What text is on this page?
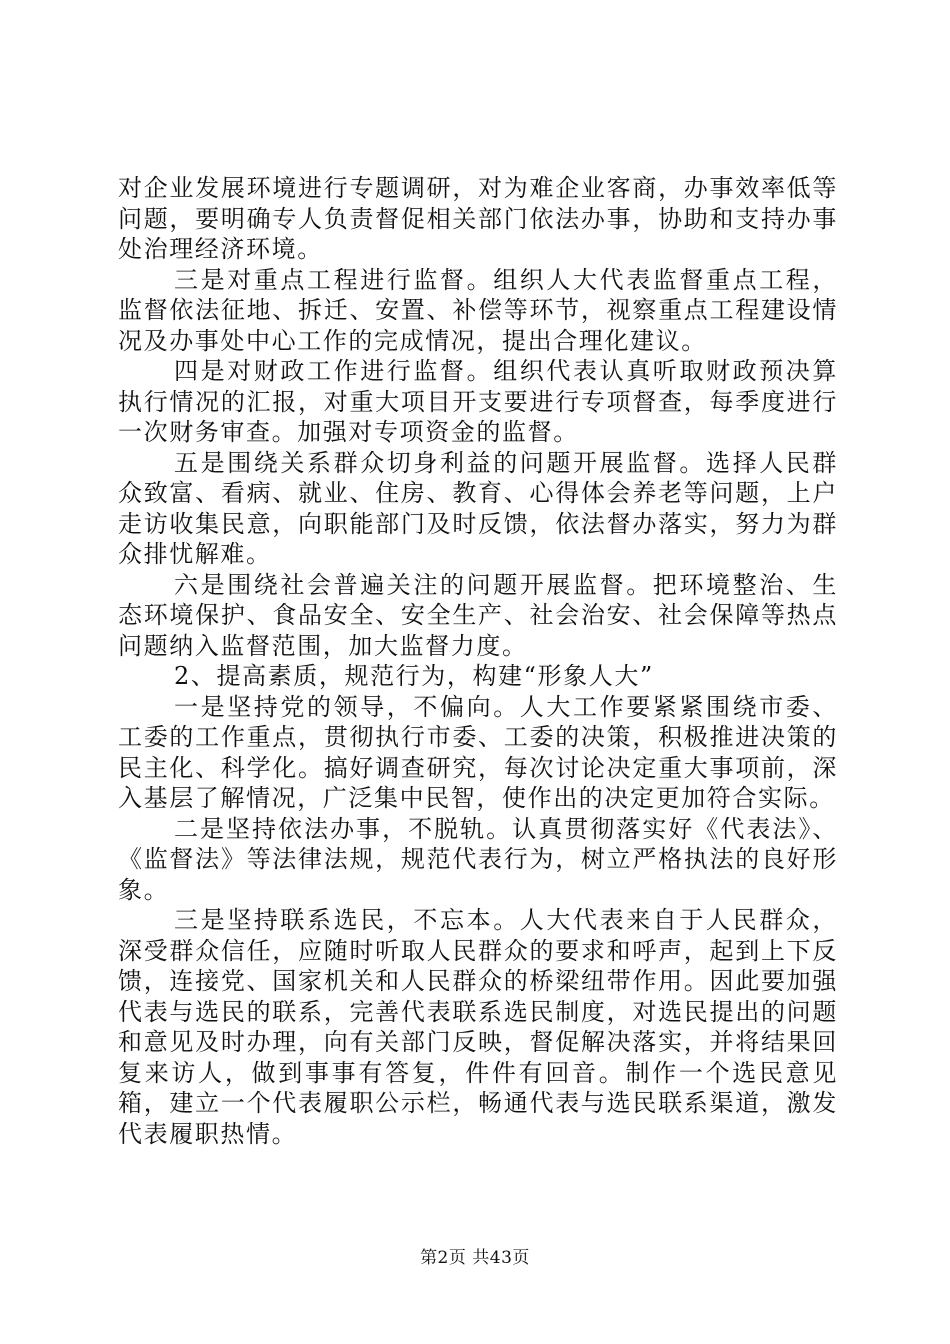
对企业发展环境进行专题调研，对为难企业客商，办事效率低等问题，要明确专人负责督促相关部门依法办事，协助和支持办事处治理经济环境。

三是对重点工程进行监督。组织人大代表监督重点工程，监督依法征地、拆迁、安置、补偿等环节，视察重点工程建设情况及办事处中心工作的完成情况，提出合理化建议。

四是对财政工作进行监督。组织代表认真听取财政预决算执行情况的汇报，对重大项目开支要进行专项督查，每季度进行一次财务审查。加强对专项资金的监督。

五是围绕关系群众切身利益的问题开展监督。选择人民群众致富、看病、就业、住房、教育、心得体会养老等问题，上户走访收集民意，向职能部门及时反馈，依法督办落实，努力为群众排忧解难。

六是围绕社会普遍关注的问题开展监督。把环境整治、生态环境保护、食品安全、安全生产、社会治安、社会保障等热点问题纳入监督范围，加大监督力度。

2、提高素质，规范行为，构建“形象人大”

一是坚持党的领导，不偏向。人大工作要紧紧围绕市委、工委的工作重点，贯彻执行市委、工委的决策，积极推进决策的民主化、科学化。搞好调查研究，每次讨论决定重大事项前，深入基层了解情况，广泛集中民智，使作出的决定更加符合实际。

二是坚持依法办事，不脱轨。认真贯彻落实好《代表法》、《监督法》等法律法规，规范代表行为，树立严格执法的良好形象。

三是坚持联系选民，不忘本。人大代表来自于人民群众，深受群众信任，应随时听取人民群众的要求和呼声，起到上下反馈，连接党、国家机关和人民群众的桥梁纽带作用。因此要加强代表与选民的联系，完善代表联系选民制度，对选民提出的问题和意见及时办理，向有关部门反映，督促解决落实，并将结果回复来访人，做到事事有答复，件件有回音。制作一个选民意见箱，建立一个代表履职公示栏，畅通代表与选民联系渠道，激发代表履职热情。

第2页 共43页
